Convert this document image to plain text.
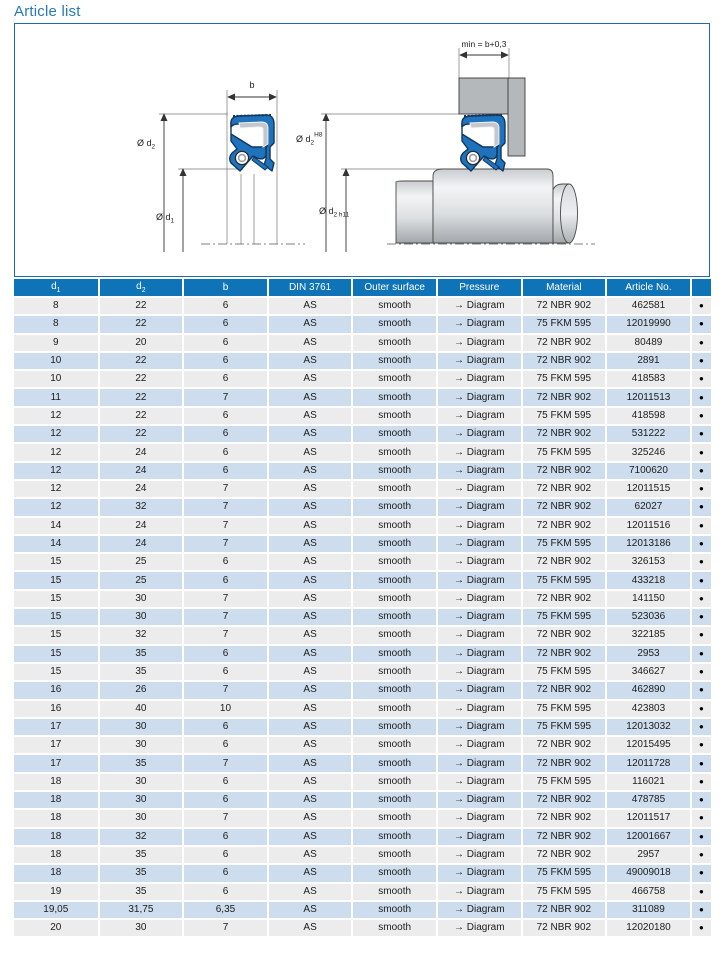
Article list
b
Ø $d_2$
Ø $d_1$
min = b+0,3
Ø $d_2^{H8}$
Ø $d_{2 h11}$
$d_1$	$d_2$	b	DIN 3761	Outer surface	Pressure	Material	Article No.	
8	22	6	AS	smooth	→ Diagram	72 NBR 902	462581	●
8	22	6	AS	smooth	→ Diagram	75 FKM 595	12019990	●
9	20	6	AS	smooth	→ Diagram	72 NBR 902	80489	●
10	22	6	AS	smooth	→ Diagram	72 NBR 902	2891	●
10	22	6	AS	smooth	→ Diagram	75 FKM 595	418583	●
11	22	7	AS	smooth	→ Diagram	72 NBR 902	12011513	●
12	22	6	AS	smooth	→ Diagram	75 FKM 595	418598	●
12	22	6	AS	smooth	→ Diagram	72 NBR 902	531222	●
12	24	6	AS	smooth	→ Diagram	75 FKM 595	325246	●
12	24	6	AS	smooth	→ Diagram	72 NBR 902	7100620	●
12	24	7	AS	smooth	→ Diagram	72 NBR 902	12011515	●
12	32	7	AS	smooth	→ Diagram	72 NBR 902	62027	●
14	24	7	AS	smooth	→ Diagram	72 NBR 902	12011516	●
14	24	7	AS	smooth	→ Diagram	75 FKM 595	12013186	●
15	25	6	AS	smooth	→ Diagram	72 NBR 902	326153	●
15	25	6	AS	smooth	→ Diagram	75 FKM 595	433218	●
15	30	7	AS	smooth	→ Diagram	72 NBR 902	141150	●
15	30	7	AS	smooth	→ Diagram	75 FKM 595	523036	●
15	32	7	AS	smooth	→ Diagram	72 NBR 902	322185	●
15	35	6	AS	smooth	→ Diagram	72 NBR 902	2953	●
15	35	6	AS	smooth	→ Diagram	75 FKM 595	346627	●
16	26	7	AS	smooth	→ Diagram	72 NBR 902	462890	●
16	40	10	AS	smooth	→ Diagram	75 FKM 595	423803	●
17	30	6	AS	smooth	→ Diagram	75 FKM 595	12013032	●
17	30	6	AS	smooth	→ Diagram	72 NBR 902	12015495	●
17	35	7	AS	smooth	→ Diagram	72 NBR 902	12011728	●
18	30	6	AS	smooth	→ Diagram	75 FKM 595	116021	●
18	30	6	AS	smooth	→ Diagram	72 NBR 902	478785	●
18	30	7	AS	smooth	→ Diagram	72 NBR 902	12011517	●
18	32	6	AS	smooth	→ Diagram	72 NBR 902	12001667	●
18	35	6	AS	smooth	→ Diagram	72 NBR 902	2957	●
18	35	6	AS	smooth	→ Diagram	75 FKM 595	49009018	●
19	35	6	AS	smooth	→ Diagram	75 FKM 595	466758	●
19,05	31,75	6,35	AS	smooth	→ Diagram	72 NBR 902	311089	●
20	30	7	AS	smooth	→ Diagram	72 NBR 902	12020180	●
